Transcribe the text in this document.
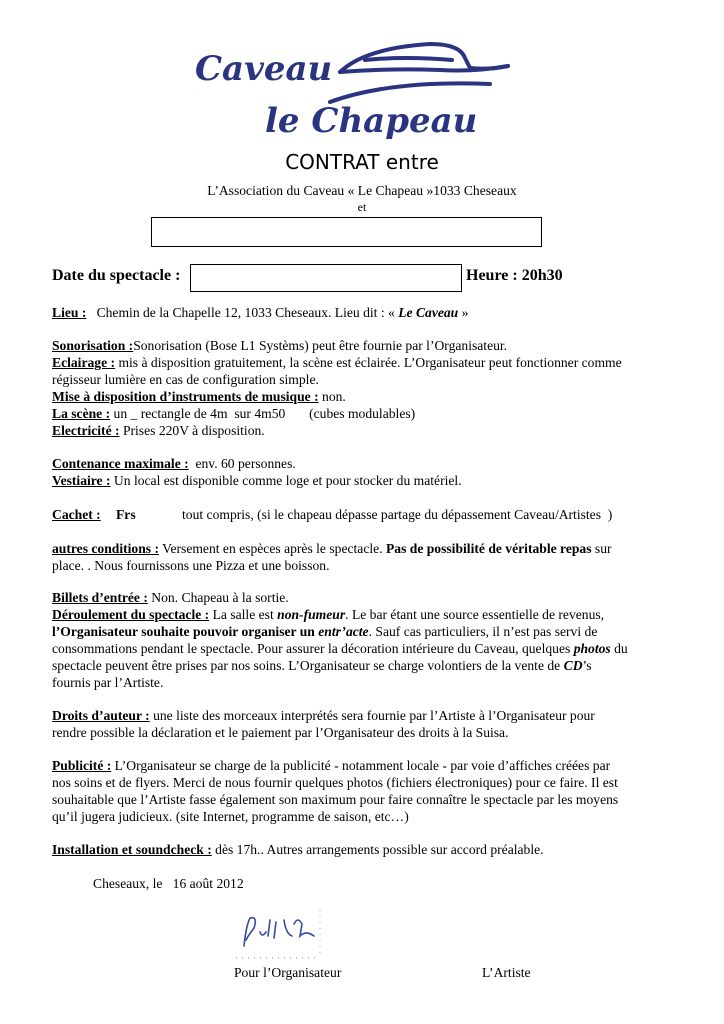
Caveau
le Chapeau
CONTRAT entre
L’Association du Caveau « Le Chapeau »1033 Cheseaux
et
Date du spectacle :	Heure : 20h30
Lieu :   Chemin de la Chapelle 12, 1033 Cheseaux. Lieu dit : « Le Caveau »
Sonorisation :Sonorisation (Bose L1 Systèms) peut être fournie par l’Organisateur.
Eclairage : mis à disposition gratuitement, la scène est éclairée. L’Organisateur peut fonctionner comme
régisseur lumière en cas de configuration simple.
Mise à disposition d’instruments de musique : non.
La scène : un _ rectangle de 4m  sur 4m50       (cubes modulables)
Electricité : Prises 220V à disposition.
Contenance maximale :  env. 60 personnes.
Vestiaire : Un local est disponible comme loge et pour stocker du matériel.
Cachet : Frs	tout compris, (si le chapeau dépasse partage du dépassement Caveau/Artistes  )
autres conditions : Versement en espèces après le spectacle. Pas de possibilité de véritable repas sur
place. . Nous fournissons une Pizza et une boisson.
Billets d’entrée : Non. Chapeau à la sortie.
Déroulement du spectacle : La salle est non-fumeur. Le bar étant une source essentielle de revenus,
l’Organisateur souhaite pouvoir organiser un entr’acte. Sauf cas particuliers, il n’est pas servi de
consommations pendant le spectacle. Pour assurer la décoration intérieure du Caveau, quelques photos du
spectacle peuvent être prises par nos soins. L’Organisateur se charge volontiers de la vente de CD’s
fournis par l’Artiste.
Droits d’auteur : une liste des morceaux interprétés sera fournie par l’Artiste à l’Organisateur pour
rendre possible la déclaration et le paiement par l’Organisateur des droits à la Suisa.
Publicité : L’Organisateur se charge de la publicité - notamment locale - par voie d’affiches créées par
nos soins et de flyers. Merci de nous fournir quelques photos (fichiers électroniques) pour ce faire. Il est
souhaitable que l’Artiste fasse également son maximum pour faire connaître le spectacle par les moyens
qu’il jugera judicieux. (site Internet, programme de saison, etc…)
Installation et soundcheck : dès 17h.. Autres arrangements possible sur accord préalable.
Cheseaux, le   16 août 2012
Pour l’Organisateur	L’Artiste
